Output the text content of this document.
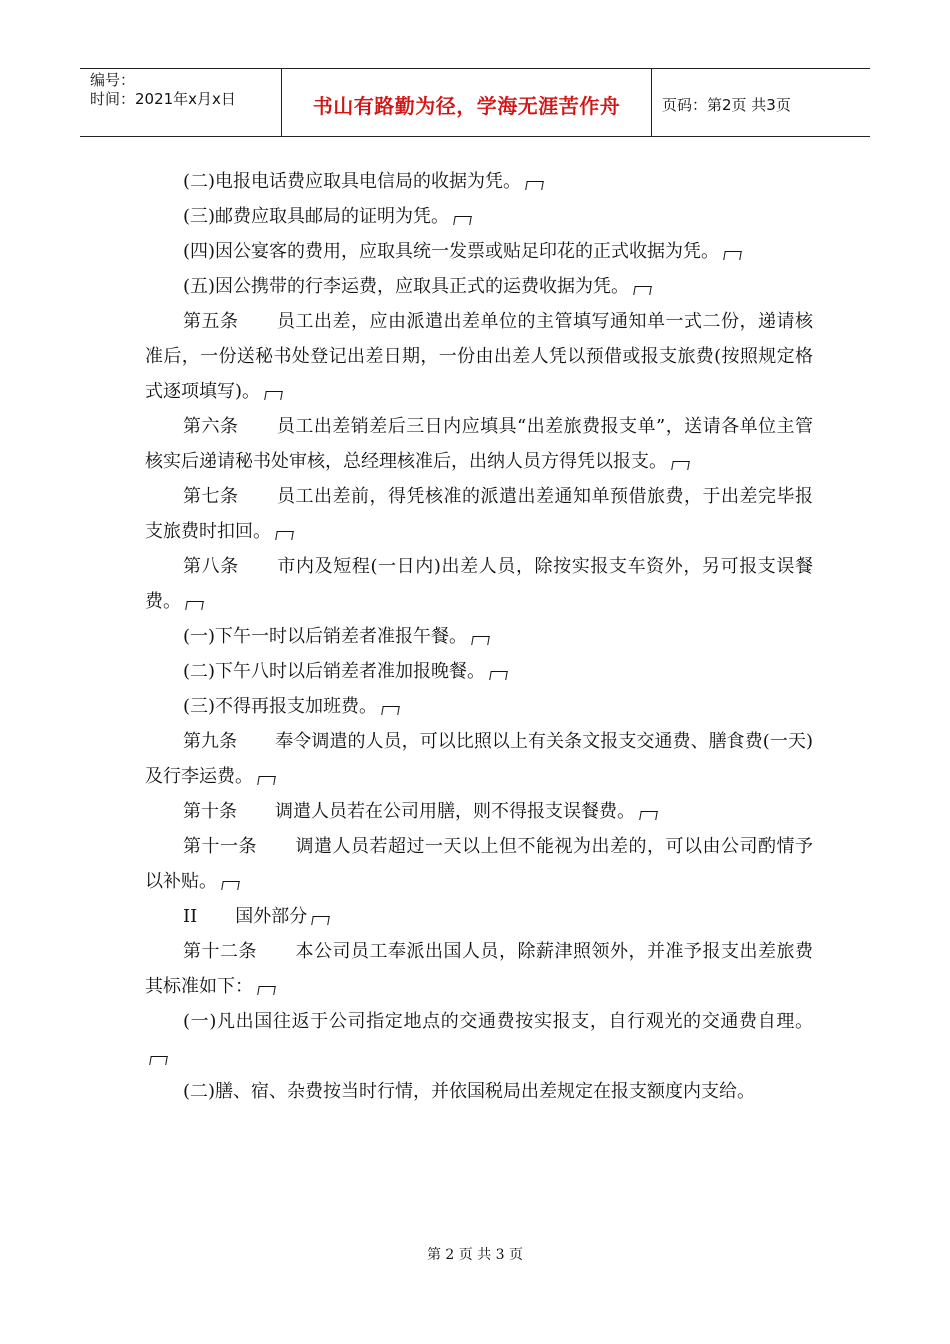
编号：
时间：2021年x月x日	书山有路勤为径，学海无涯苦作舟	页码：第2页 共3页

(二)电报电话费应取具电信局的收据为凭。

(三)邮费应取具邮局的证明为凭。

(四)因公宴客的费用，应取具统一发票或贴足印花的正式收据为凭。

(五)因公携带的行李运费，应取具正式的运费收据为凭。

第五条 员工出差，应由派遣出差单位的主管填写通知单一式二份，递请核准后，一份送秘书处登记出差日期，一份由出差人凭以预借或报支旅费(按照规定格式逐项填写)。

第六条 员工出差销差后三日内应填具“出差旅费报支单”，送请各单位主管核实后递请秘书处审核，总经理核准后，出纳人员方得凭以报支。

第七条 员工出差前，得凭核准的派遣出差通知单预借旅费，于出差完毕报支旅费时扣回。

第八条 市内及短程(一日内)出差人员，除按实报支车资外，另可报支误餐费。

(一)下午一时以后销差者准报午餐。

(二)下午八时以后销差者准加报晚餐。

(三)不得再报支加班费。

第九条 奉令调遣的人员，可以比照以上有关条文报支交通费、膳食费(一天)及行李运费。

第十条 调遣人员若在公司用膳，则不得报支误餐费。

第十一条 调遣人员若超过一天以上但不能视为出差的，可以由公司酌情予以补贴。

II 国外部分

第十二条 本公司员工奉派出国人员，除薪津照领外，并准予报支出差旅费其标准如下：

(一)凡出国往返于公司指定地点的交通费按实报支，自行观光的交通费自理。

(二)膳、宿、杂费按当时行情，并依国税局出差规定在报支额度内支给。

第 2 页 共 3 页
